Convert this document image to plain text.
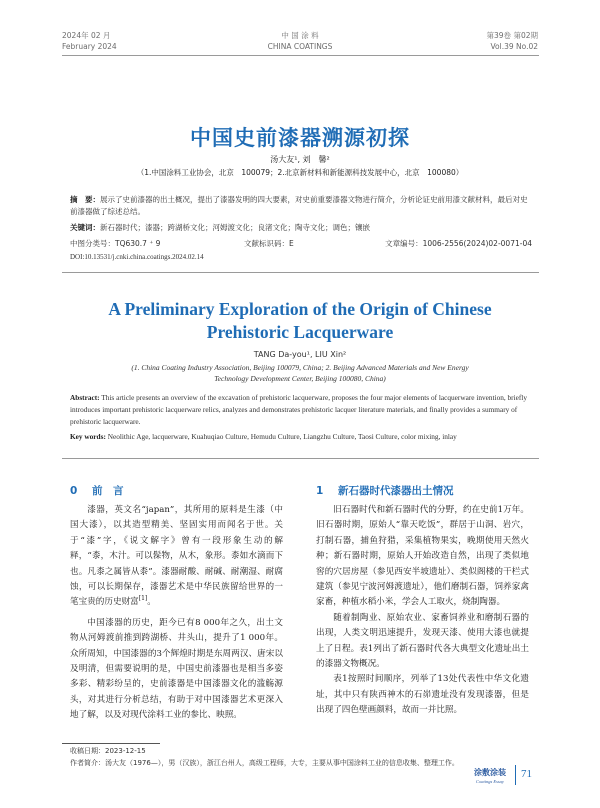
2024年 02 月
February 2024
中 国 涂 料
CHINA COATINGS
第39卷 第02期
Vol.39 No.02
中国史前漆器溯源初探
汤大友¹, 刘　馨²
（1.中国涂料工业协会，北京　100079；2.北京新材料和新能源科技发展中心，北京　100080）
摘　要：展示了史前漆器的出土概况，提出了漆器发明的四大要素，对史前重要漆器文物进行简介，分析论证史前用漆文献材料，最后对史前漆器做了综述总结。
关键词：新石器时代；漆器；跨湖桥文化；河姆渡文化；良渚文化；陶寺文化；调色；镶嵌
中图分类号：TQ630.7 ⁺ 9	文献标识码：E	文章编号：1006-2556(2024)02-0071-04
DOI:10.13531/j.cnki.china.coatings.2024.02.14
A Preliminary Exploration of the Origin of Chinese
Prehistoric Lacquerware
TANG Da-you¹, LIU Xin²
(1. China Coating Industry Association, Beijing 100079, China; 2. Beijing Advanced Materials and New Energy Technology Development Center, Beijing 100080, China)
Abstract: This article presents an overview of the excavation of prehistoric lacquerware, proposes the four major elements of lacquerware invention, briefly introduces important prehistoric lacquerware relics, analyzes and demonstrates prehistoric lacquer literature materials, and finally provides a summary of prehistoric lacquerware.
Key words: Neolithic Age, lacquerware, Kuahuqiao Culture, Hemudu Culture, Liangzhu Culture, Taosi Culture, color mixing, inlay
0 前　言	1 新石器时代漆器出土情况

漆器，英文名“japan”，其所用的原料是生漆（中国大漆），以其造型精美、坚固实用而闻名于世。关于“漆”字，《说文解字》曾有一段形象生动的解释，“桼，木汁。可以髹物，从木，象形。桼如水滴而下也。凡桼之属皆从桼”。漆器耐酸、耐碱、耐潮湿、耐腐蚀，可以长期保存，漆器艺术是中华民族留给世界的一笔宝贵的历史财富[1]。

中国漆器的历史，距今已有8 000年之久，出土文物从河姆渡前推到跨湖桥、井头山，提升了1 000年。众所周知，中国漆器的3个辉煌时期是东周两汉、唐宋以及明清，但需要说明的是，中国史前漆器也是相当多姿多彩、精彩纷呈的，史前漆器是中国漆器文化的滥觞源头，对其进行分析总结，有助于对中国漆器艺术更深入地了解，以及对现代涂料工业的参比、映照。

旧石器时代和新石器时代的分野，约在史前1万年。旧石器时期，原始人“靠天吃饭”，群居于山洞、岩穴，打制石器，捕鱼狩猎，采集植物果实，晚期使用天然火种；新石器时期，原始人开始改造自然，出现了类似地窖的穴居房屋（参见西安半坡遗址）、类似阁楼的干栏式建筑（参见宁波河姆渡遗址），他们磨制石器，饲养家禽家畜，种植水稻小米，学会人工取火，烧制陶器。

随着制陶业、原始农业、家畜饲养业和磨制石器的出现，人类文明迅速提升，发现天漆、使用大漆也就提上了日程。表1列出了新石器时代各大典型文化遗址出土的漆器文物概况。

表1按照时间顺序，列举了13处代表性中华文化遗址，其中只有陕西神木的石峁遗址没有发现漆器，但是出现了四色壁画颜料，故而一并比照。

收稿日期：2023-12-15
作者简介：汤大友（1976—），男（汉族），浙江台州人，高级工程师，大专，主要从事中国涂料工业的信息收集、整理工作。
涂敷涂装
Coatings Essay
71
